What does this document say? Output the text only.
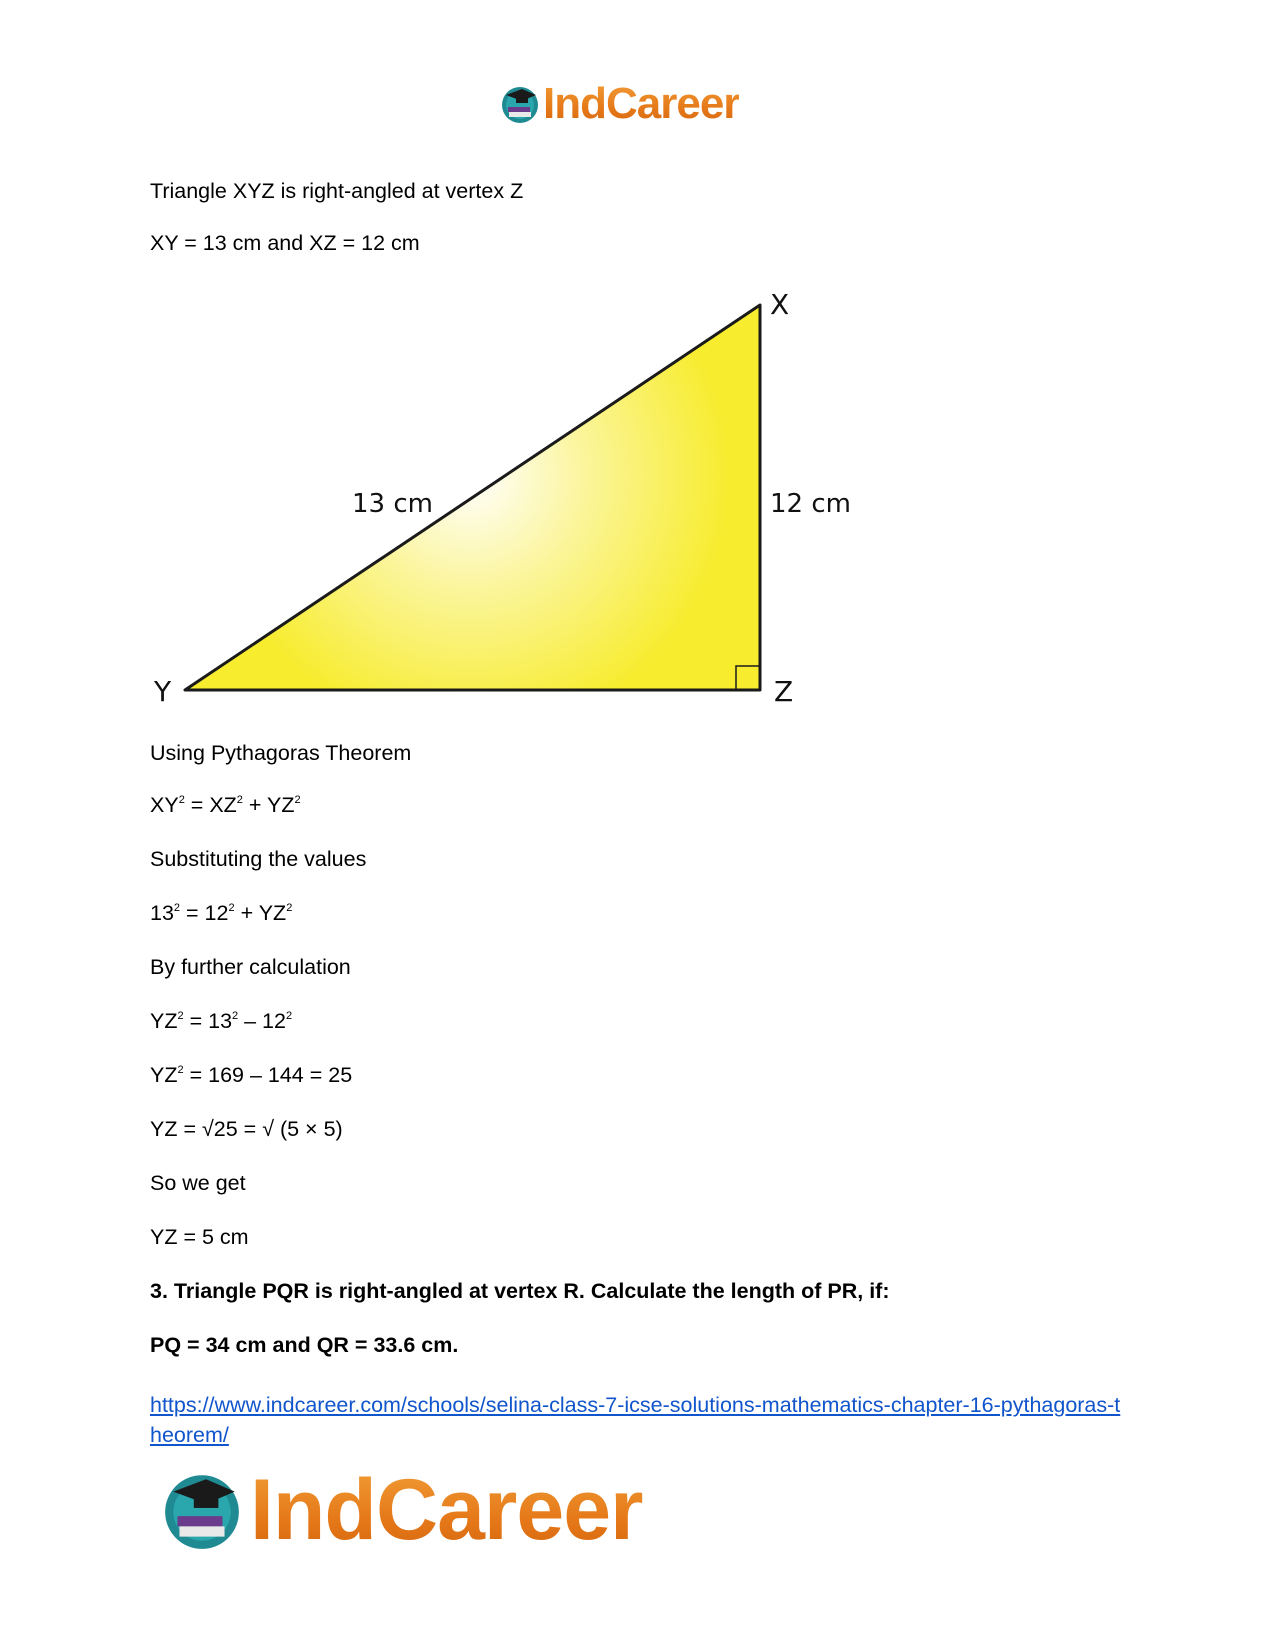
IndCareer
Triangle XYZ is right-angled at vertex Z
XY = 13 cm and XZ = 12 cm
X
Y	Z
13 cm	12 cm
Using Pythagoras Theorem
$XY^2 = XZ^2 + YZ^2$
Substituting the values
$13^2 = 12^2 + YZ^2$
By further calculation
$YZ^2 = 13^2 - 12^2$
$YZ^2 = 169 - 144 = 25$
YZ = √25 = √ (5 × 5)
So we get
YZ = 5 cm
3. Triangle PQR is right-angled at vertex R. Calculate the length of PR, if:
PQ = 34 cm and QR = 33.6 cm.
https://www.indcareer.com/schools/selina-class-7-icse-solutions-mathematics-chapter-16-pythagoras-theorem/
IndCareer
